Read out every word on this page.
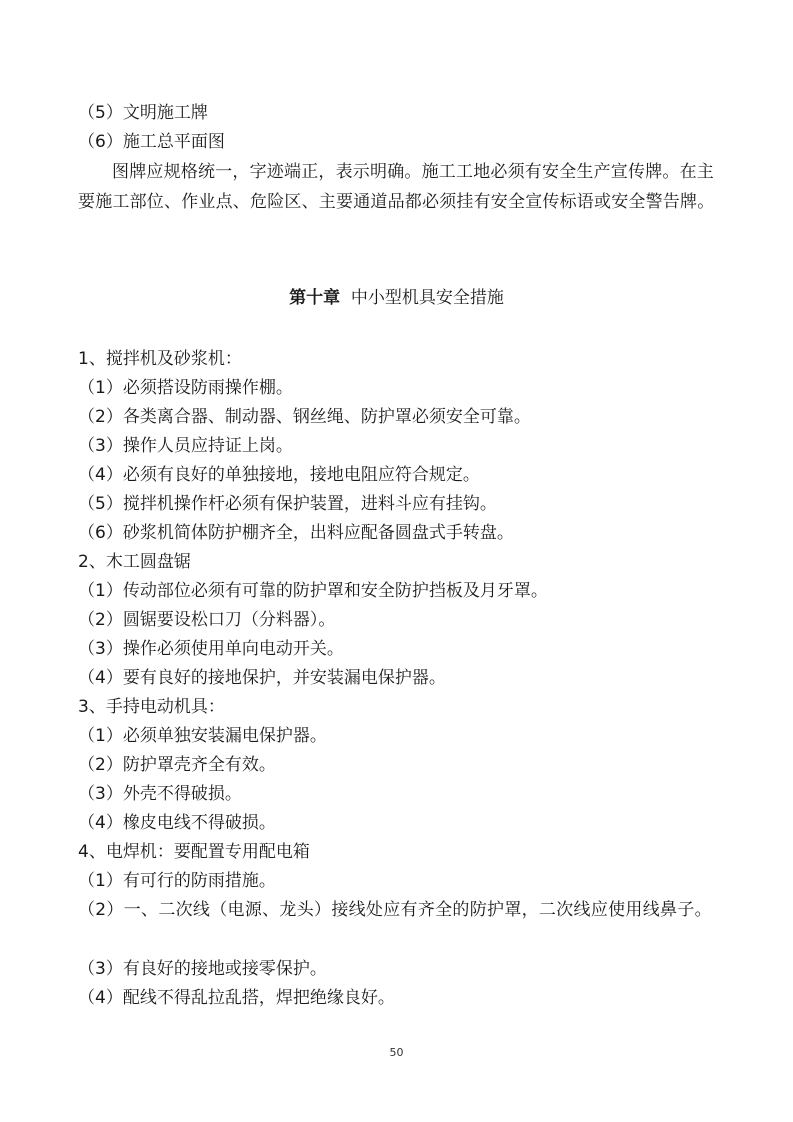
（5）文明施工牌
（6）施工总平面图
图牌应规格统一，字迹端正，表示明确。施工工地必须有安全生产宣传牌。在主要施工部位、作业点、危险区、主要通道品都必须挂有安全宣传标语或安全警告牌。
第十章 中小型机具安全措施
1、搅拌机及砂浆机：
（1）必须搭设防雨操作棚。
（2）各类离合器、制动器、钢丝绳、防护罩必须安全可靠。
（3）操作人员应持证上岗。
（4）必须有良好的单独接地，接地电阻应符合规定。
（5）搅拌机操作杆必须有保护装置，进料斗应有挂钩。
（6）砂浆机简体防护棚齐全，出料应配备圆盘式手转盘。
2、木工圆盘锯
（1）传动部位必须有可靠的防护罩和安全防护挡板及月牙罩。
（2）圆锯要设松口刀（分料器）。
（3）操作必须使用单向电动开关。
（4）要有良好的接地保护，并安装漏电保护器。
3、手持电动机具：
（1）必须单独安装漏电保护器。
（2）防护罩壳齐全有效。
（3）外壳不得破损。
（4）橡皮电线不得破损。
4、电焊机：要配置专用配电箱
（1）有可行的防雨措施。
（2）一、二次线（电源、龙头）接线处应有齐全的防护罩，二次线应使用线鼻子。
（3）有良好的接地或接零保护。
（4）配线不得乱拉乱搭，焊把绝缘良好。
50
